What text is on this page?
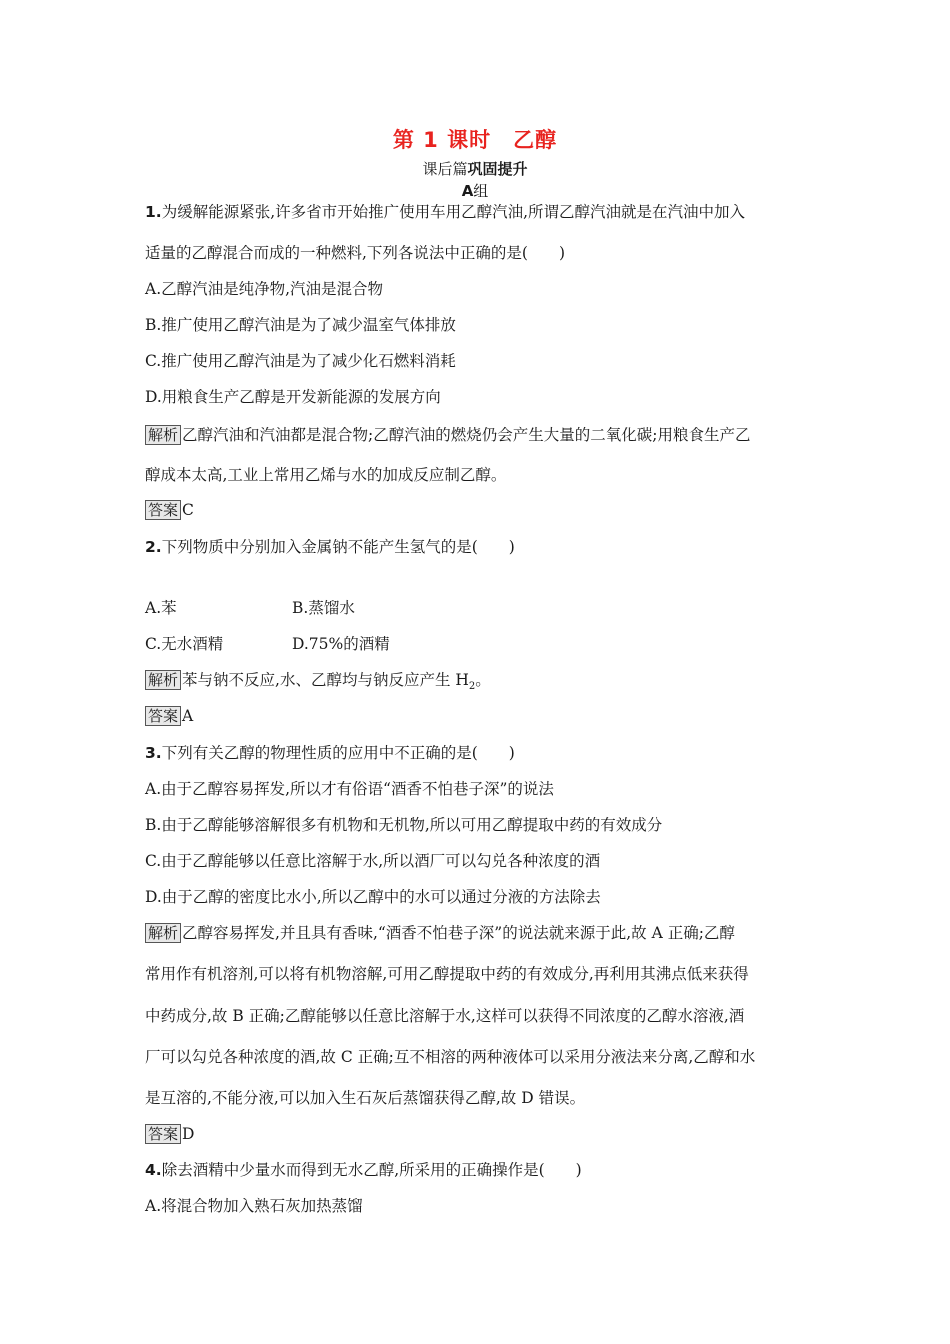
第 1 课时　乙醇
课后篇巩固提升
A组
1.为缓解能源紧张,许多省市开始推广使用车用乙醇汽油,所谓乙醇汽油就是在汽油中加入
适量的乙醇混合而成的一种燃料,下列各说法中正确的是(　　)
A.乙醇汽油是纯净物,汽油是混合物
B.推广使用乙醇汽油是为了减少温室气体排放
C.推广使用乙醇汽油是为了减少化石燃料消耗
D.用粮食生产乙醇是开发新能源的发展方向
解析 乙醇汽油和汽油都是混合物;乙醇汽油的燃烧仍会产生大量的二氧化碳;用粮食生产乙
醇成本太高,工业上常用乙烯与水的加成反应制乙醇。
答案 C
2.下列物质中分别加入金属钠不能产生氢气的是(　　)
A.苯	B.蒸馏水
C.无水酒精	D.75%的酒精
解析 苯与钠不反应,水、乙醇均与钠反应产生 $H_2$。
答案 A
3.下列有关乙醇的物理性质的应用中不正确的是(　　)
A.由于乙醇容易挥发,所以才有俗语“酒香不怕巷子深”的说法
B.由于乙醇能够溶解很多有机物和无机物,所以可用乙醇提取中药的有效成分
C.由于乙醇能够以任意比溶解于水,所以酒厂可以勾兑各种浓度的酒
D.由于乙醇的密度比水小,所以乙醇中的水可以通过分液的方法除去
解析 乙醇容易挥发,并且具有香味,“酒香不怕巷子深”的说法就来源于此,故 A 正确;乙醇
常用作有机溶剂,可以将有机物溶解,可用乙醇提取中药的有效成分,再利用其沸点低来获得
中药成分,故 B 正确;乙醇能够以任意比溶解于水,这样可以获得不同浓度的乙醇水溶液,酒
厂可以勾兑各种浓度的酒,故 C 正确;互不相溶的两种液体可以采用分液法来分离,乙醇和水
是互溶的,不能分液,可以加入生石灰后蒸馏获得乙醇,故 D 错误。
答案 D
4.除去酒精中少量水而得到无水乙醇,所采用的正确操作是(　　)
A.将混合物加入熟石灰加热蒸馏
